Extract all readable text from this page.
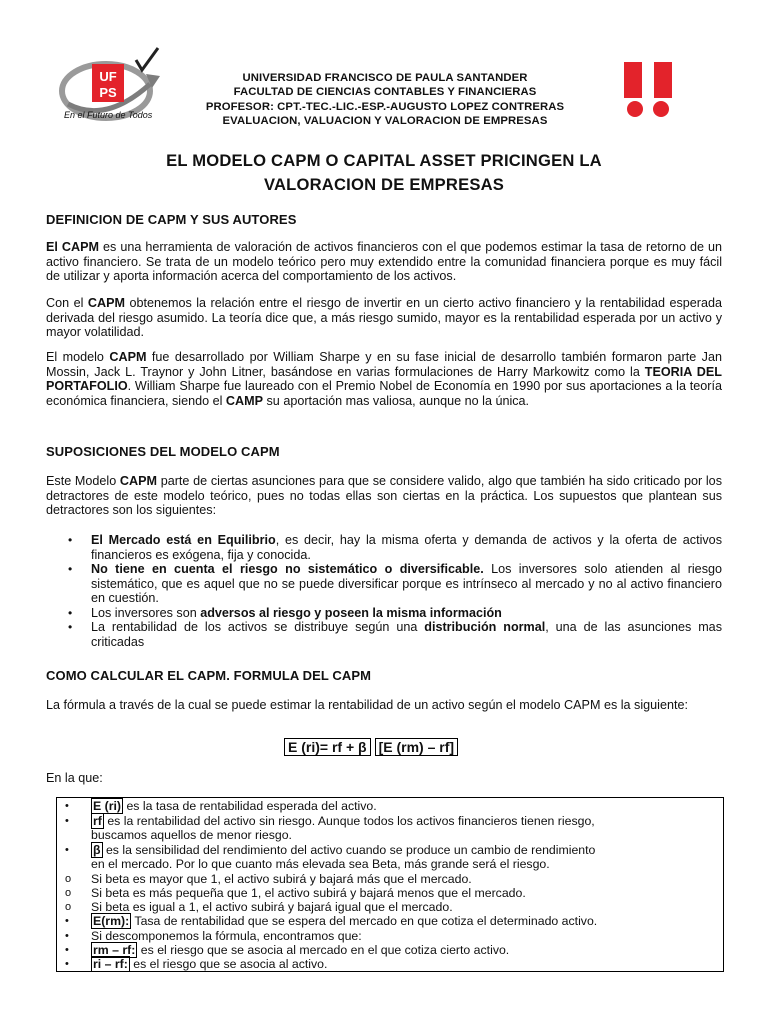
UF
PS
En el Futuro de Todos
UNIVERSIDAD FRANCISCO DE PAULA SANTANDER
FACULTAD DE CIENCIAS CONTABLES Y FINANCIERAS
PROFESOR: CPT.-TEC.-LIC.-ESP.-AUGUSTO LOPEZ CONTRERAS
EVALUACION, VALUACION Y VALORACION DE EMPRESAS
EL MODELO CAPM O CAPITAL ASSET PRICINGEN LA
VALORACION DE EMPRESAS
DEFINICION DE CAPM Y SUS AUTORES
El CAPM es una herramienta de valoración de activos financieros con el que podemos estimar la tasa de retorno de un activo financiero. Se trata de un modelo teórico pero muy extendido entre la comunidad financiera porque es muy fácil de utilizar y aporta información acerca del comportamiento de los activos.
Con el CAPM obtenemos la relación entre el riesgo de invertir en un cierto activo financiero y la rentabilidad esperada derivada del riesgo asumido. La teoría dice que, a más riesgo sumido, mayor es la rentabilidad esperada por un activo y mayor volatilidad.
El modelo CAPM fue desarrollado por William Sharpe y en su fase inicial de desarrollo también formaron parte Jan Mossin, Jack L. Traynor y John Litner, basándose en varias formulaciones de Harry Markowitz como la TEORIA DEL PORTAFOLIO. William Sharpe fue laureado con el Premio Nobel de Economía en 1990 por sus aportaciones a la teoría económica financiera, siendo el CAMP su aportación mas valiosa, aunque no la única.
SUPOSICIONES DEL MODELO CAPM
Este Modelo CAPM parte de ciertas asunciones para que se considere valido, algo que también ha sido criticado por los detractores de este modelo teórico, pues no todas ellas son ciertas en la práctica. Los supuestos que plantean sus detractores son los siguientes:
• El Mercado está en Equilibrio, es decir, hay la misma oferta y demanda de activos y la oferta de activos financieros es exógena, fija y conocida.
• No tiene en cuenta el riesgo no sistemático o diversificable. Los inversores solo atienden al riesgo sistemático, que es aquel que no se puede diversificar porque es intrínseco al mercado y no al activo financiero en cuestión.
• Los inversores son adversos al riesgo y poseen la misma información
• La rentabilidad de los activos se distribuye según una distribución normal, una de las asunciones mas criticadas
COMO CALCULAR EL CAPM. FORMULA DEL CAPM
La fórmula a través de la cual se puede estimar la rentabilidad de un activo según el modelo CAPM es la siguiente:
E (ri)= rf + β [E (rm) – rf]
En la que:
• E (ri) es la tasa de rentabilidad esperada del activo.
• rf es la rentabilidad del activo sin riesgo. Aunque todos los activos financieros tienen riesgo,
buscamos aquellos de menor riesgo.
• β es la sensibilidad del rendimiento del activo cuando se produce un cambio de rendimiento
en el mercado. Por lo que cuanto más elevada sea Beta, más grande será el riesgo.
o Si beta es mayor que 1, el activo subirá y bajará más que el mercado.
o Si beta es más pequeña que 1, el activo subirá y bajará menos que el mercado.
o Si beta es igual a 1, el activo subirá y bajará igual que el mercado.
• E(rm): Tasa de rentabilidad que se espera del mercado en que cotiza el determinado activo.
• Si descomponemos la fórmula, encontramos que:
• rm – rf: es el riesgo que se asocia al mercado en el que cotiza cierto activo.
• ri – rf: es el riesgo que se asocia al activo.
